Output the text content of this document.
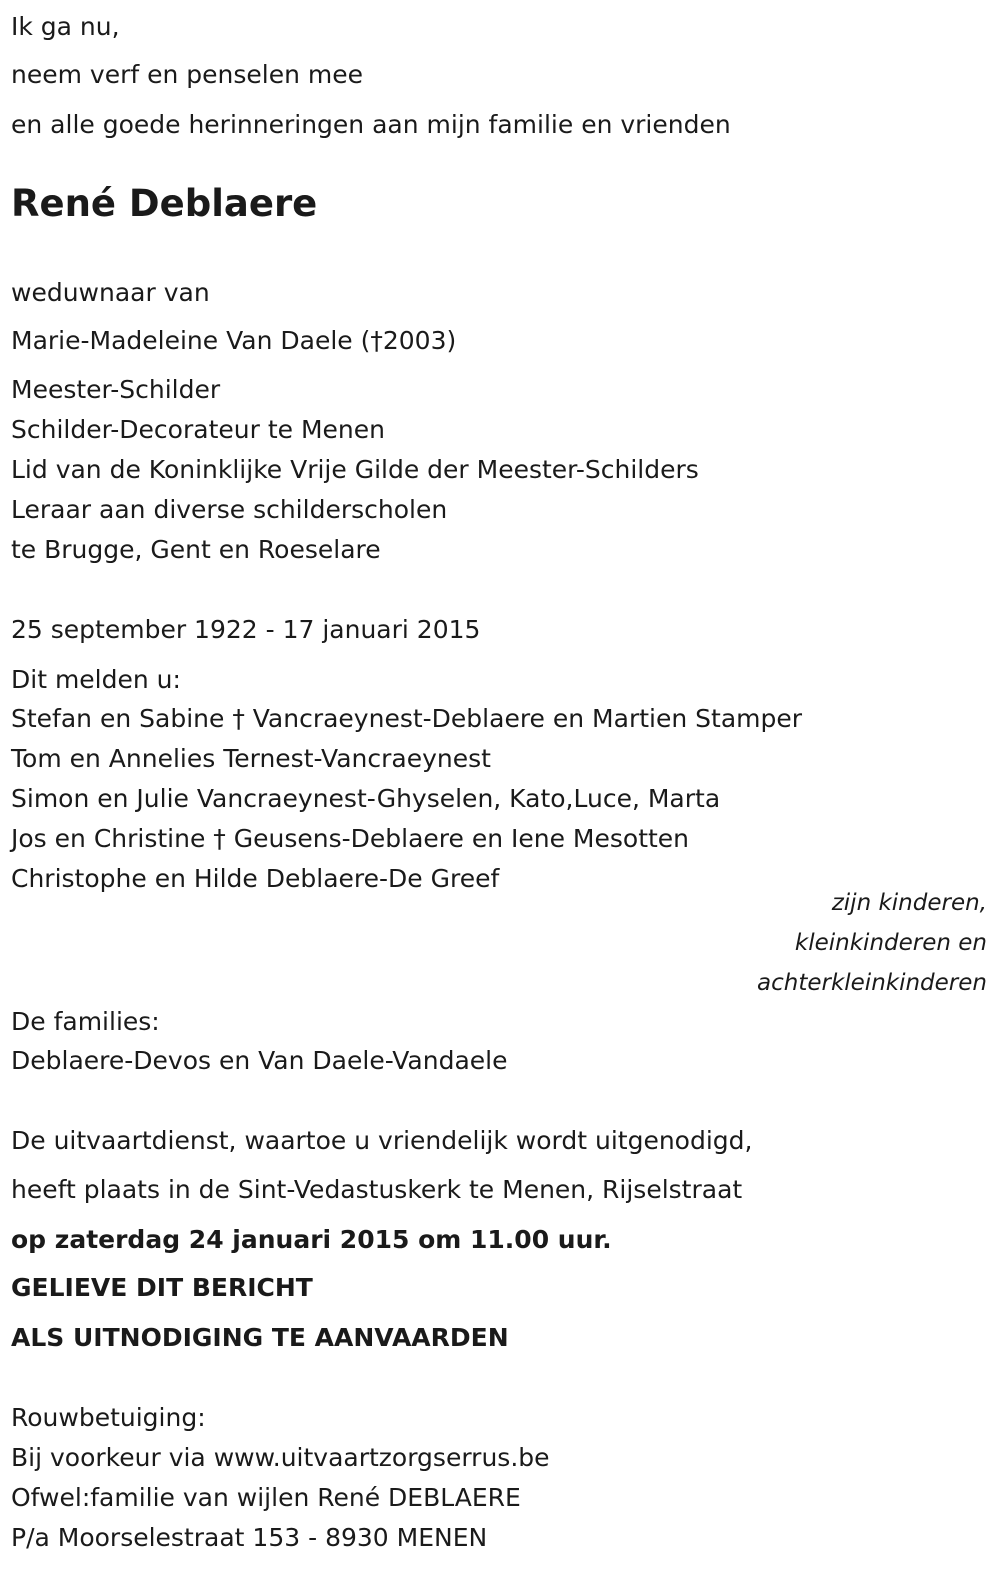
Ik ga nu,
neem verf en penselen mee
en alle goede herinneringen aan mijn familie en vrienden
René Deblaere
weduwnaar van
Marie-Madeleine Van Daele (†2003)
Meester-Schilder
Schilder-Decorateur te Menen
Lid van de Koninklijke Vrije Gilde der Meester-Schilders
Leraar aan diverse schilderscholen
te Brugge, Gent en Roeselare
25 september 1922 - 17 januari 2015
Dit melden u:
Stefan en Sabine † Vancraeynest-Deblaere en Martien Stamper
Tom en Annelies Ternest-Vancraeynest
Simon en Julie Vancraeynest-Ghyselen, Kato,Luce, Marta
Jos en Christine † Geusens-Deblaere en Iene Mesotten
Christophe en Hilde Deblaere-De Greef
zijn kinderen,
kleinkinderen en
achterkleinkinderen
De families:
Deblaere-Devos en Van Daele-Vandaele
De uitvaartdienst, waartoe u vriendelijk wordt uitgenodigd,
heeft plaats in de Sint-Vedastuskerk te Menen, Rijselstraat
op zaterdag 24 januari 2015 om 11.00 uur.
GELIEVE DIT BERICHT
ALS UITNODIGING TE AANVAARDEN
Rouwbetuiging:
Bij voorkeur via www.uitvaartzorgserrus.be
Ofwel:familie van wijlen René DEBLAERE
P/a Moorselestraat 153 - 8930 MENEN
